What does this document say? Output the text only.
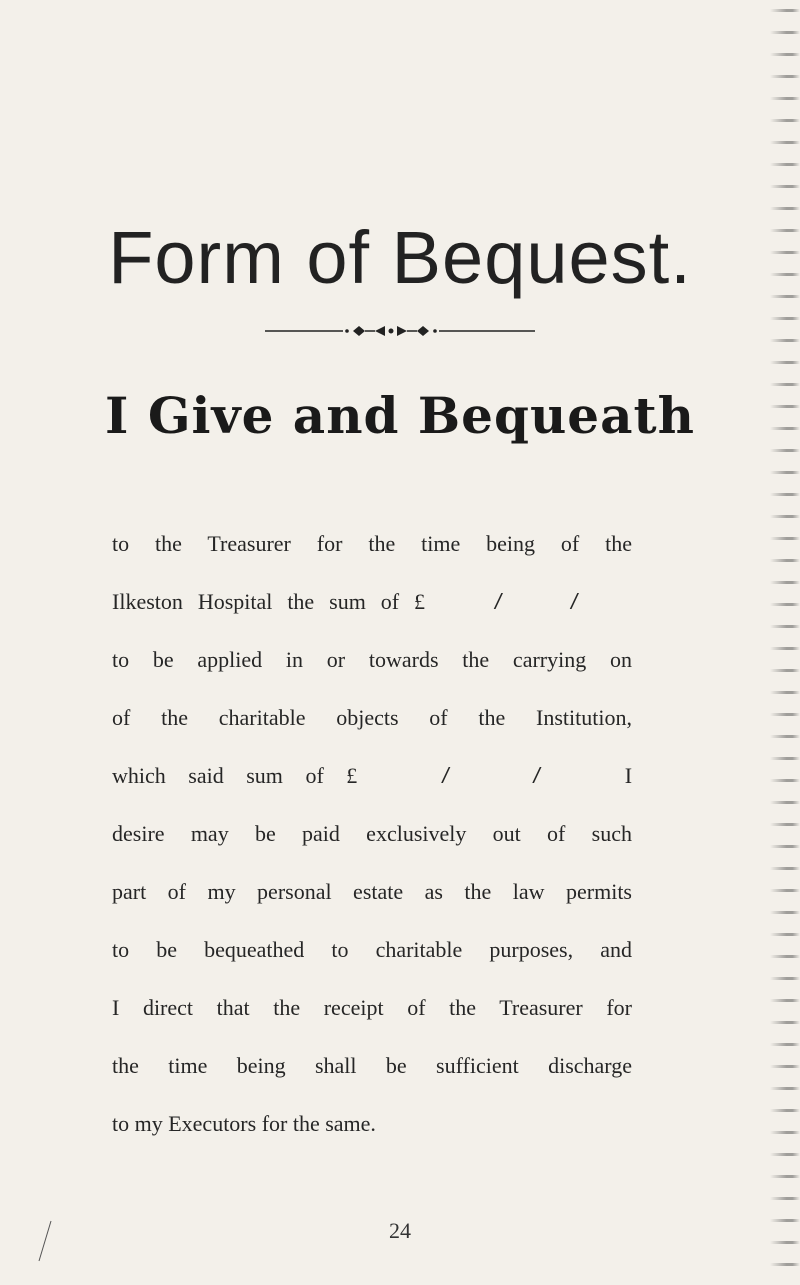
Form of Bequest.
I Give and Bequeath
to the Treasurer for the time being of the
Ilkeston Hospital the sum of £	/	/
to be applied in or towards the carrying on
of the charitable objects of the Institution,
which said sum of £	/	/	I
desire may be paid exclusively out of such
part of my personal estate as the law permits
to be bequeathed to charitable purposes, and
I direct that the receipt of the Treasurer for
the time being shall be sufficient discharge
to my Executors for the same.
24
